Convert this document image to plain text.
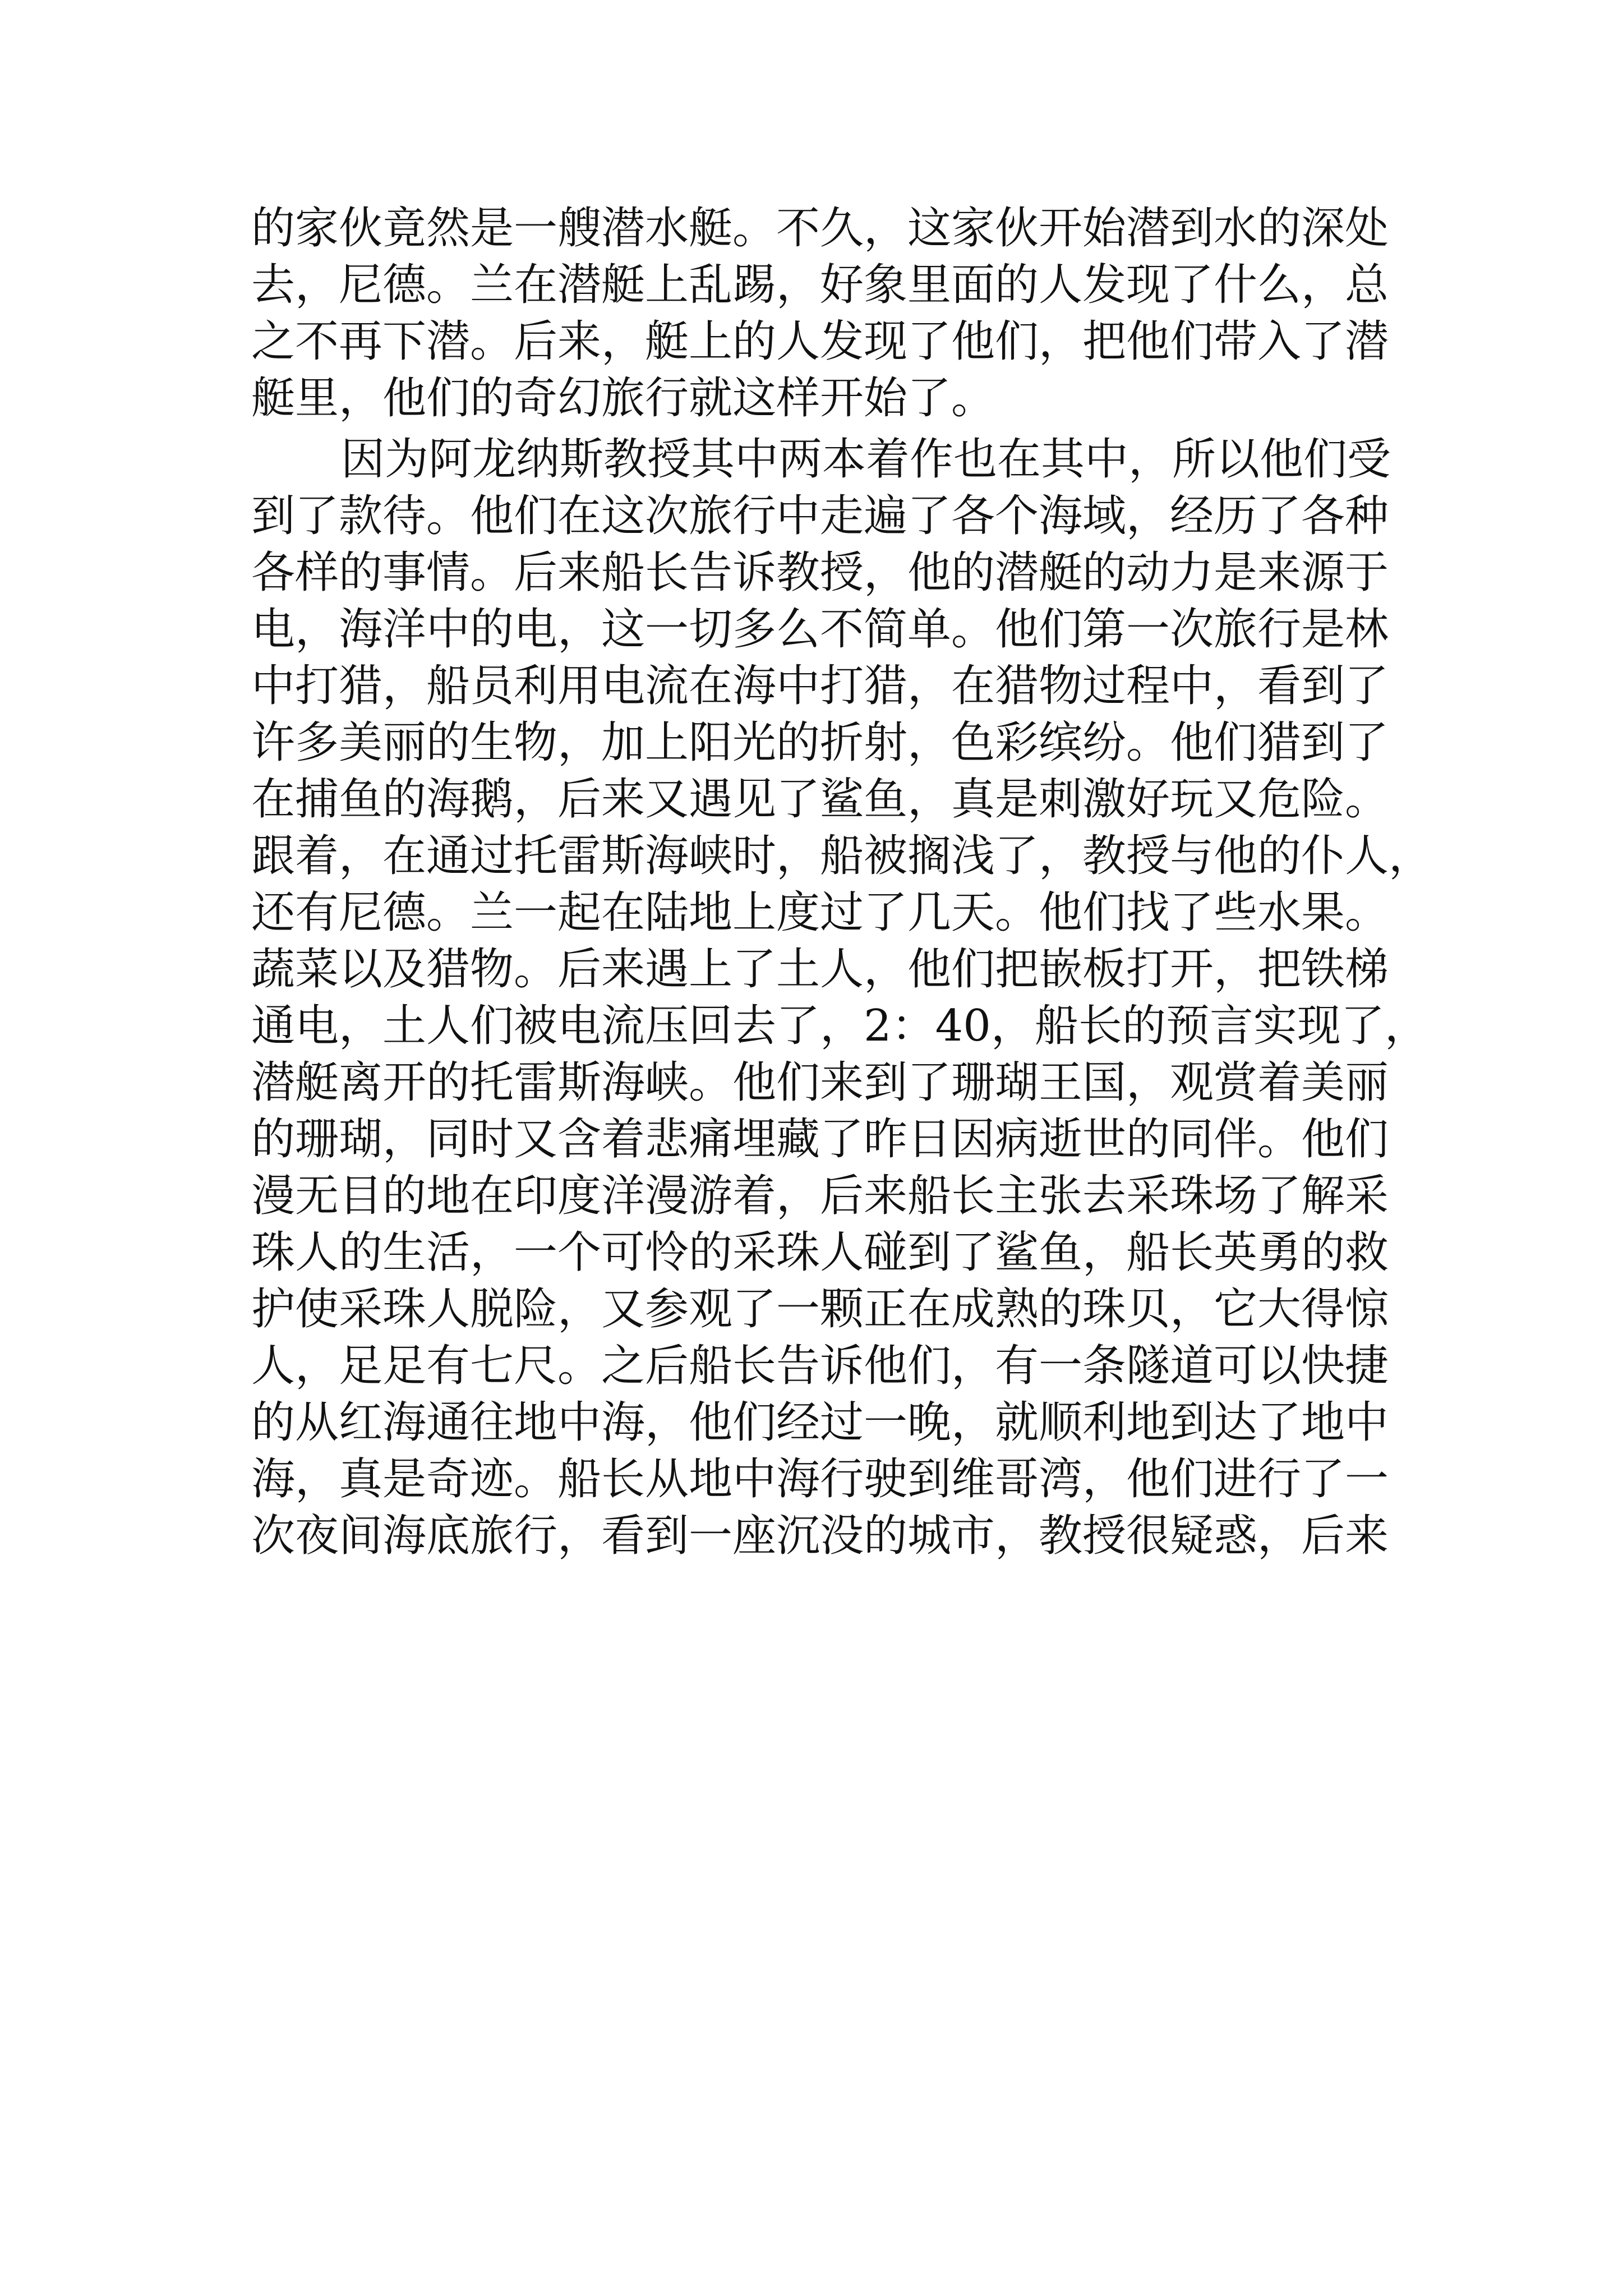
的家伙竟然是一艘潜水艇。不久，这家伙开始潜到水的深处
去，尼德。兰在潜艇上乱踢，好象里面的人发现了什么，总
之不再下潜。后来，艇上的人发现了他们，把他们带入了潜
艇里，他们的奇幻旅行就这样开始了。
因为阿龙纳斯教授其中两本着作也在其中，所以他们受
到了款待。他们在这次旅行中走遍了各个海域，经历了各种
各样的事情。后来船长告诉教授，他的潜艇的动力是来源于
电，海洋中的电，这一切多么不简单。他们第一次旅行是林
中打猎，船员利用电流在海中打猎，在猎物过程中，看到了
许多美丽的生物，加上阳光的折射，色彩缤纷。他们猎到了
在捕鱼的海鹅，后来又遇见了鲨鱼，真是刺激好玩又危险。
跟着，在通过托雷斯海峡时，船被搁浅了，教授与他的仆人，
还有尼德。兰一起在陆地上度过了几天。他们找了些水果。
蔬菜以及猎物。后来遇上了土人，他们把嵌板打开，把铁梯
通电，土人们被电流压回去了，2：40，船长的预言实现了，
潜艇离开的托雷斯海峡。他们来到了珊瑚王国，观赏着美丽
的珊瑚，同时又含着悲痛埋藏了昨日因病逝世的同伴。他们
漫无目的地在印度洋漫游着，后来船长主张去采珠场了解采
珠人的生活，一个可怜的采珠人碰到了鲨鱼，船长英勇的救
护使采珠人脱险，又参观了一颗正在成熟的珠贝，它大得惊
人，足足有七尺。之后船长告诉他们，有一条隧道可以快捷
的从红海通往地中海，他们经过一晚，就顺利地到达了地中
海，真是奇迹。船长从地中海行驶到维哥湾，他们进行了一
次夜间海底旅行，看到一座沉没的城市，教授很疑惑，后来
